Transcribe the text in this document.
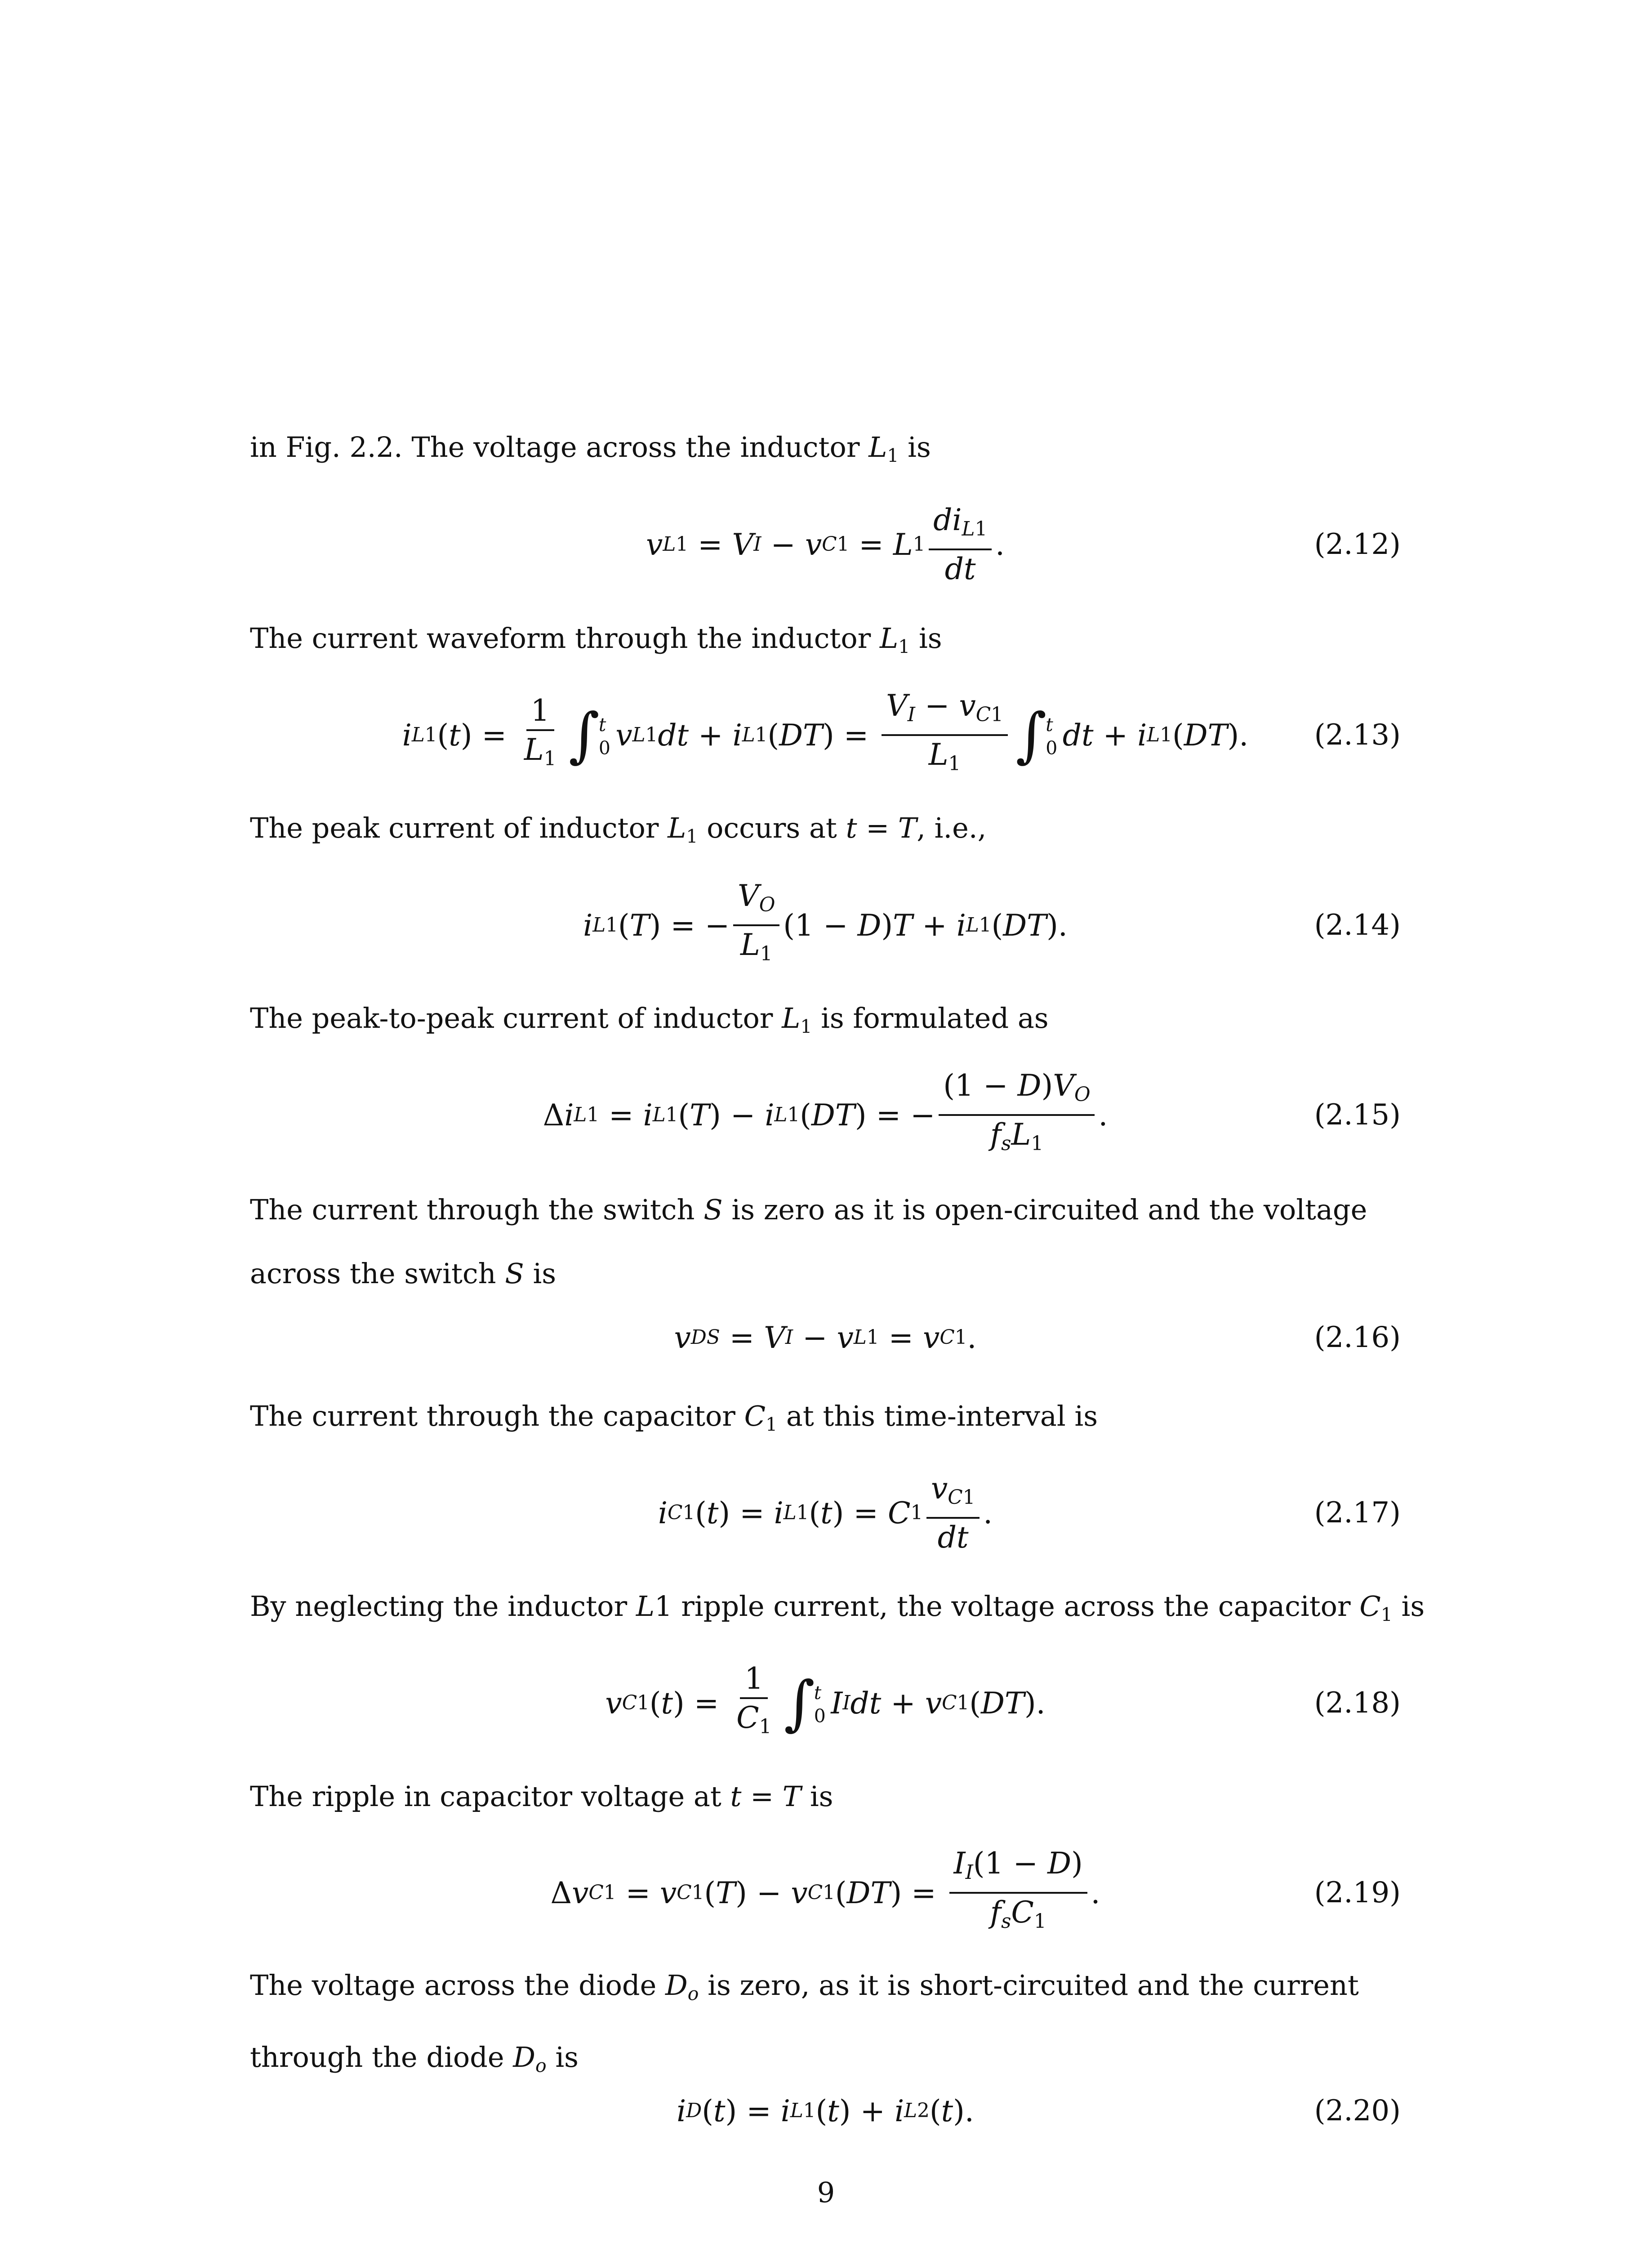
in Fig. 2.2. The voltage across the inductor $L_1$ is
v L1 = V I − v C1 = L $1 \frac{di_{L1}}{dt}$ .	(2.12)
The current waveform through the inductor $L_1$ is
i L1 ( t ) = $\frac{1}{L_1}$ ∫
t
0 v L1 dt + i L1 ( DT ) = $\frac{V_I - v_{C1}}{L_1}$ ∫
t
0 dt + i L1 ( DT ). (2.13)
The peak current of inductor $L_1$ occurs at t = T, i.e.,
i L1 ( T ) = − $\frac{V_O}{L_1} (1 - D$ ) T + i L1 ( DT ).	(2.14)
The peak-to-peak current of inductor $L_1$ is formulated as
Δ i L1 = i L1 ( T ) − i L1 ( DT ) = − $\frac{(1 - D)V_O}{f_sL_1}$ .	(2.15)
The current through the switch S is zero as it is open-circuited and the voltage across the switch S is
v DS = V I − v L1 = v C1 .	(2.16)
The current through the capacitor $C_1$ at this time-interval is
i C1 ( t ) = i L1 ( t ) = C $1 \frac{v_{C1}}{dt}$ .	(2.17)
By neglecting the inductor L1 ripple current, the voltage across the capacitor $C_1$ is
v C1 ( t ) = $\frac{1}{C_1}$ ∫
t
0 I I dt + v C1 ( DT ).	(2.18)
The ripple in capacitor voltage at t = T is
Δ v C1 = v C1 ( T ) − v C1 ( DT ) = $\frac{I_I(1 - D)}{f_sC_1}$ .	(2.19)
The voltage across the diode $D_o$ is zero, as it is short-circuited and the current through the diode $D_o$ is
i D ( t ) = i L1 ( t ) + i L2 ( t ).	(2.20)
9
